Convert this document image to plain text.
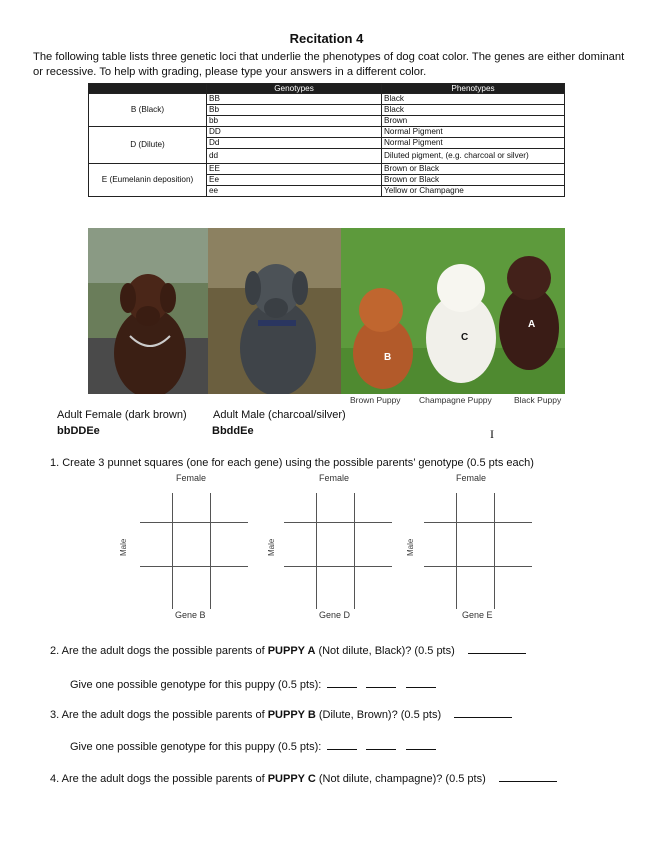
Recitation 4
The following table lists three genetic loci that underlie the phenotypes of dog coat color. The genes are either dominant or recessive. To help with grading, please type your answers in a different color.
	Genotypes	Phenotypes
B (Black)	BB	Black
	Bb	Black
	bb	Brown
D (Dilute)	DD	Normal Pigment
	Dd	Normal Pigment
	dd	Diluted pigment, (e.g. charcoal or silver)
E (Eumelanin deposition)	EE	Brown or Black
	Ee	Brown or Black
	ee	Yellow or Champagne
A
B
C
Brown Puppy Champagne Puppy	Black Puppy
Adult Female (dark brown) Adult Male (charcoal/silver)
bbDDEe	BbddEe	I
1. Create 3 punnet squares (one for each gene) using the possible parents’ genotype (0.5 pts each)
Female
Male
Gene B
Female
Male
Gene D
Female
Male
Gene E
2. Are the adult dogs the possible parents of PUPPY A (Not dilute, Black)? (0.5 pts)
Give one possible genotype for this puppy (0.5 pts):
3. Are the adult dogs the possible parents of PUPPY B (Dilute, Brown)? (0.5 pts)
Give one possible genotype for this puppy (0.5 pts):
4. Are the adult dogs the possible parents of PUPPY C (Not dilute, champagne)? (0.5 pts)
